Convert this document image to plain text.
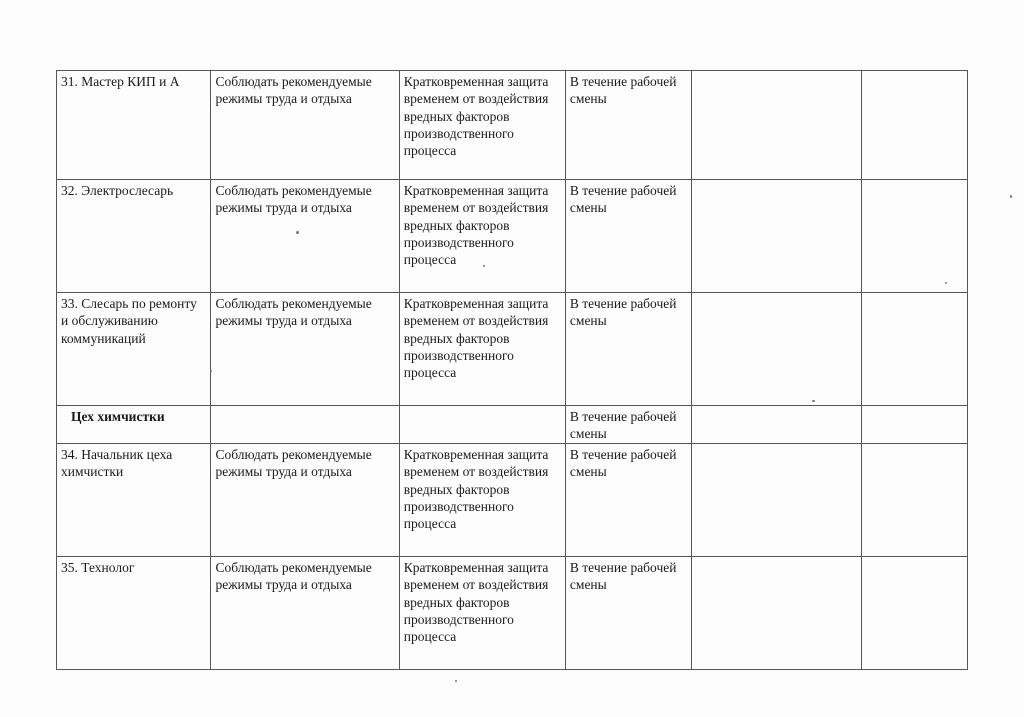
31. Мастер КИП и А	Соблюдать рекомендуемые режимы труда и отдыха	Кратковременная защита временем от воздействия вредных факторов производственного процесса	В течение рабочей смены		
32. Электрослесарь	Соблюдать рекомендуемые режимы труда и отдыха	Кратковременная защита временем от воздействия вредных факторов производственного процесса	В течение рабочей смены		
33. Слесарь по ремонту и обслуживанию коммуникаций	Соблюдать рекомендуемые режимы труда и отдыха	Кратковременная защита временем от воздействия вредных факторов производственного процесса	В течение рабочей смены		
Цех химчистки			В течение рабочей смены		
34. Начальник цеха химчистки	Соблюдать рекомендуемые режимы труда и отдыха	Кратковременная защита временем от воздействия вредных факторов производственного процесса	В течение рабочей смены		
35. Технолог	Соблюдать рекомендуемые режимы труда и отдыха	Кратковременная защита временем от воздействия вредных факторов производственного процесса	В течение рабочей смены		
